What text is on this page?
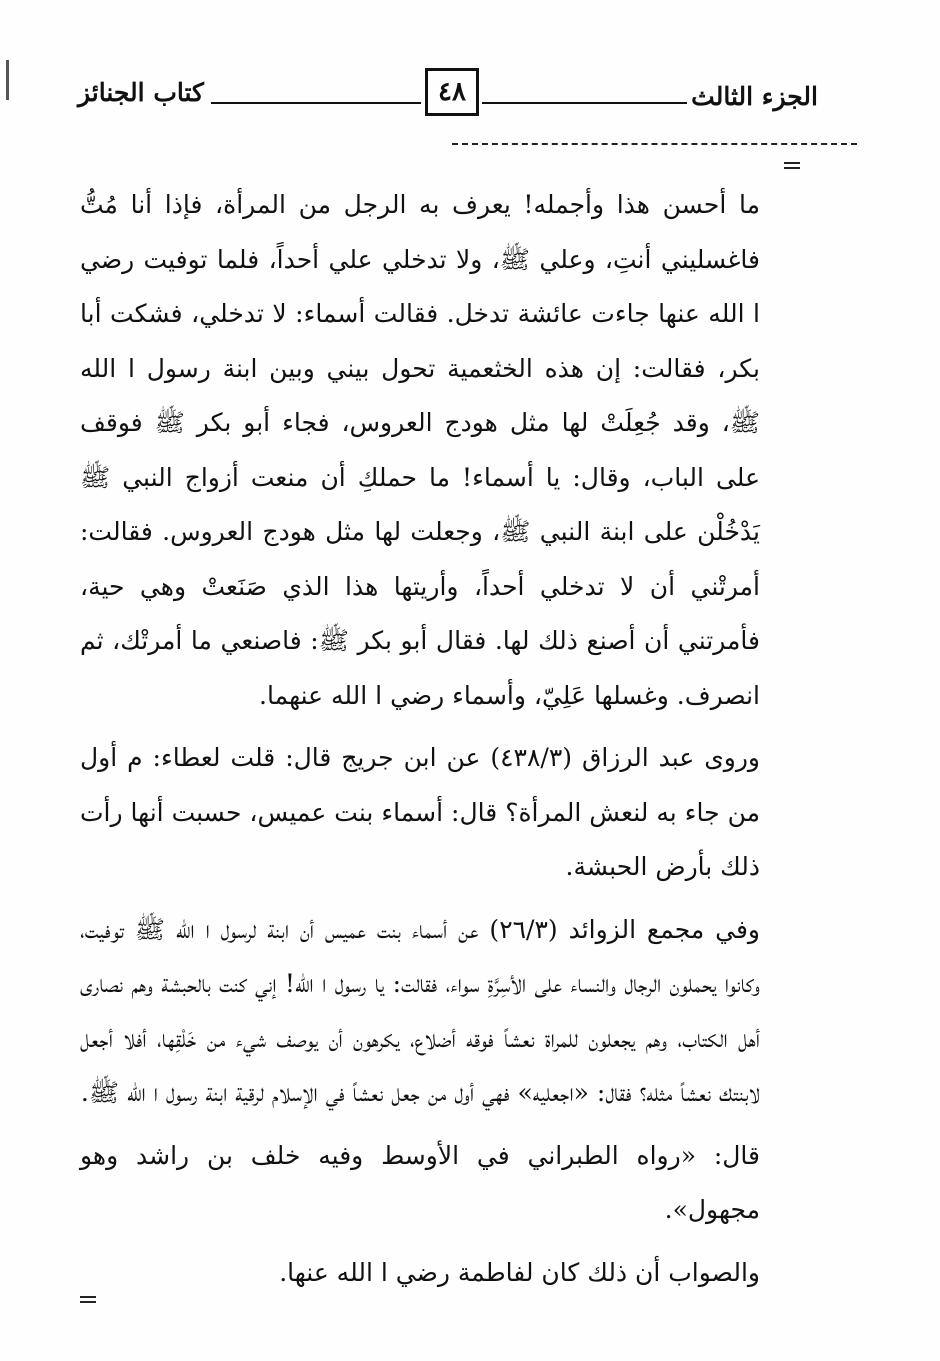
الجزء الثالث
٤٨
كتاب الجنائز

ما أحسن هذا وأجمله! يعرف به الرجل من المرأة، فإذا أنا مُتُّ فاغسليني أنتِ، وعلي ﷺ، ولا تدخلي علي أحداً، فلما توفيت رضي ا الله عنها جاءت عائشة تدخل. فقالت أسماء: لا تدخلي، فشكت أبا بكر، فقالت: إن هذه الخثعمية تحول بيني وبين ابنة رسول ا الله ﷺ، وقد جُعِلَتْ لها مثل هودج العروس، فجاء أبو بكر ﷺ فوقف على الباب، وقال: يا أسماء! ما حملكِ أن منعت أزواج النبي ﷺ يَدْخُلْن على ابنة النبي ﷺ، وجعلت لها مثل هودج العروس. فقالت: أمرتْني أن لا تدخلي أحداً، وأريتها هذا الذي صَنَعتْ وهي حية، فأمرتني أن أصنع ذلك لها. فقال أبو بكر ﷺ: فاصنعي ما أمرتْك، ثم انصرف. وغسلها عَلِيّ، وأسماء رضي ا الله عنهما.

وروى عبد الرزاق (٤٣٨/٣) عن ابن جريج قال: قلت لعطاء: م أول من جاء به لنعش المرأة؟ قال: أسماء بنت عميس، حسبت أنها رأت ذلك بأرض الحبشة.

وفي مجمع الزوائد (٢٦/٣) عن أسماء بنت عميس أن ابنة لرسول ا الله ﷺ توفيت، وكانوا يحملون الرجال والنساء على الأسِرَّةِ سواء، فقالت: يا رسول ا الله! إني كنت بالحبشة وهم نصارى أهل الكتاب، وهم يجعلون للمراة نعشاً فوقه أضلاع، يكرهون أن يوصف شيء من خَلْقِها، أفلا أجعل لابنتك نعشاً مثله؟ فقال: «اجعليه» فهي أول من جعل نعشاً في الإسلام لرقية ابنة رسول ا الله ﷺ.

قال: «رواه الطبراني في الأوسط وفيه خلف بن راشد وهو مجهول».

والصواب أن ذلك كان لفاطمة رضي ا الله عنها.
